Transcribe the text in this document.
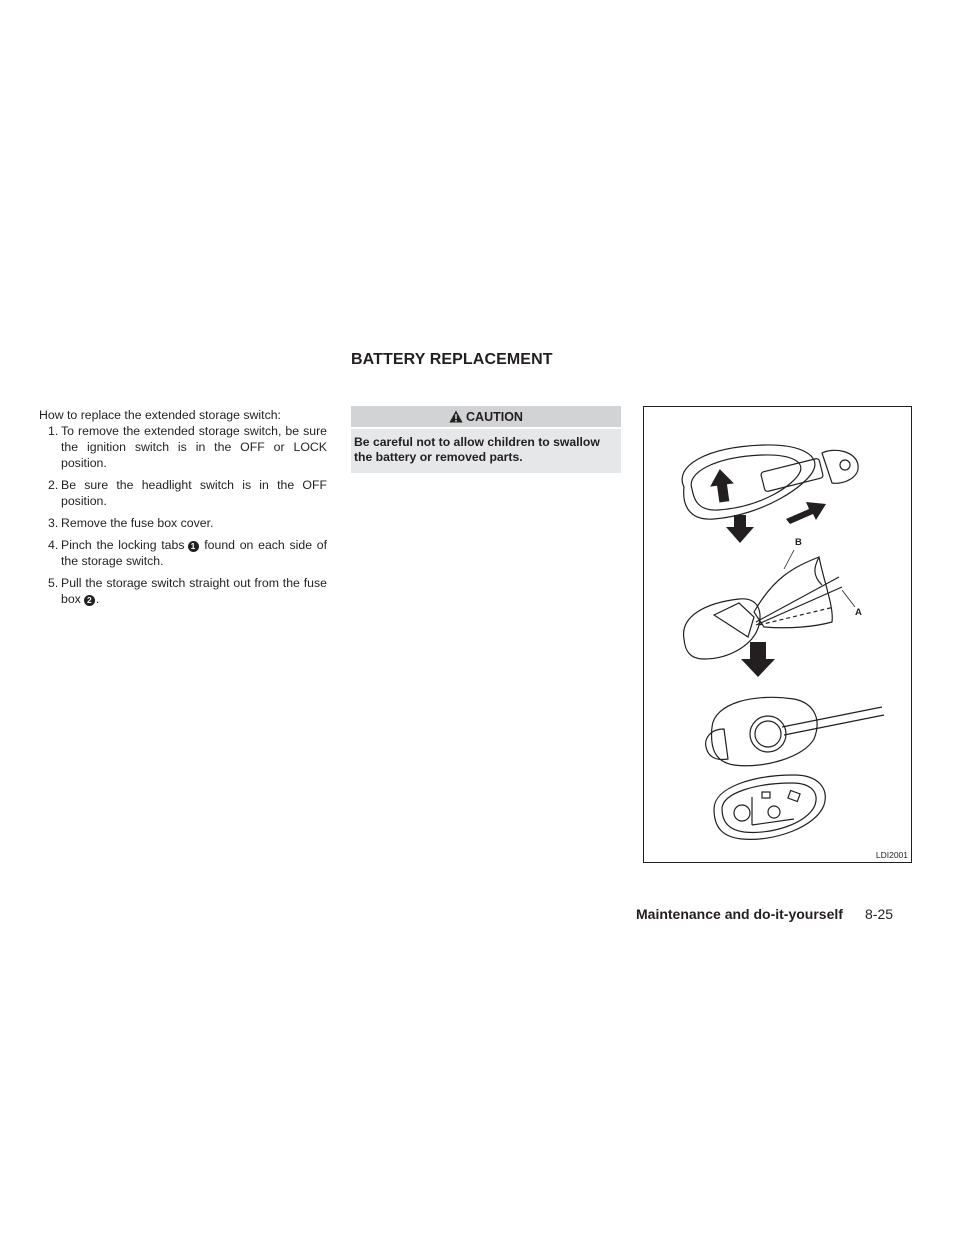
BATTERY REPLACEMENT

How to replace the extended storage switch:

1. To remove the extended storage switch, be sure the ignition switch is in the OFF or LOCK position.
2. Be sure the headlight switch is in the OFF position.
3. Remove the fuse box cover.
4. Pinch the locking tabs 1 found on each side of the storage switch.
5. Pull the storage switch straight out from the fuse box 2 .
CAUTION
Be careful not to allow children to swallow the battery or removed parts.
B
A
LDI2001
Maintenance and do-it-yourself 8-25
